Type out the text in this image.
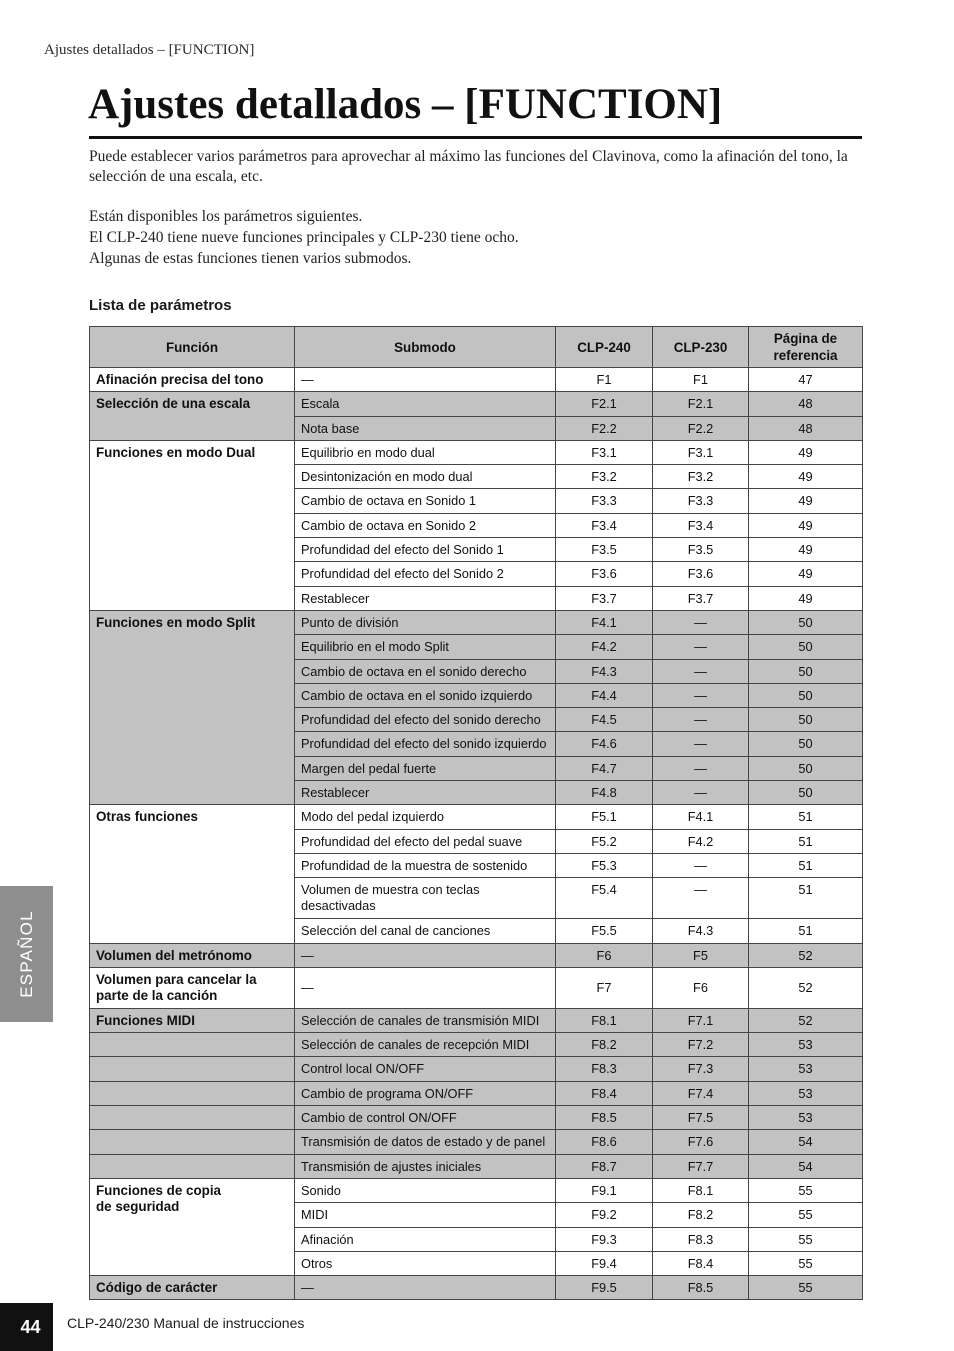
Ajustes detallados – [FUNCTION]
Ajustes detallados – [FUNCTION]

Puede establecer varios parámetros para aprovechar al máximo las funciones del Clavinova, como la afinación del tono, la selección de una escala, etc.

Están disponibles los parámetros siguientes.
El CLP-240 tiene nueve funciones principales y CLP-230 tiene ocho.
Algunas de estas funciones tienen varios submodos.
Lista de parámetros
Función	Submodo	CLP-240	CLP-230	Página de referencia
Afinación precisa del tono	—	F1	F1	47
Selección de una escala	Escala	F2.1	F2.1	48
	Nota base	F2.2	F2.2	48
Funciones en modo Dual	Equilibrio en modo dual	F3.1	F3.1	49
	Desintonización en modo dual	F3.2	F3.2	49
	Cambio de octava en Sonido 1	F3.3	F3.3	49
	Cambio de octava en Sonido 2	F3.4	F3.4	49
	Profundidad del efecto del Sonido 1	F3.5	F3.5	49
	Profundidad del efecto del Sonido 2	F3.6	F3.6	49
	Restablecer	F3.7	F3.7	49
Funciones en modo Split	Punto de división	F4.1	—	50
	Equilibrio en el modo Split	F4.2	—	50
	Cambio de octava en el sonido derecho	F4.3	—	50
	Cambio de octava en el sonido izquierdo	F4.4	—	50
	Profundidad del efecto del sonido derecho	F4.5	—	50
	Profundidad del efecto del sonido izquierdo	F4.6	—	50
	Margen del pedal fuerte	F4.7	—	50
	Restablecer	F4.8	—	50
Otras funciones	Modo del pedal izquierdo	F5.1	F4.1	51
	Profundidad del efecto del pedal suave	F5.2	F4.2	51
	Profundidad de la muestra de sostenido	F5.3	—	51
	Volumen de muestra con teclas
desactivadas	F5.4	—	51
	Selección del canal de canciones	F5.5	F4.3	51
Volumen del metrónomo	—	F6	F5	52
Volumen para cancelar la
parte de la canción	—	F7	F6	52
Funciones MIDI	Selección de canales de transmisión MIDI	F8.1	F7.1	52
	Selección de canales de recepción MIDI	F8.2	F7.2	53
	Control local ON/OFF	F8.3	F7.3	53
	Cambio de programa ON/OFF	F8.4	F7.4	53
	Cambio de control ON/OFF	F8.5	F7.5	53
	Transmisión de datos de estado y de panel	F8.6	F7.6	54
	Transmisión de ajustes iniciales	F8.7	F7.7	54
Funciones de copia
de seguridad	Sonido	F9.1	F8.1	55
	MIDI	F9.2	F8.2	55
	Afinación	F9.3	F8.3	55
	Otros	F9.4	F8.4	55
Código de carácter	—	F9.5	F8.5	55
ESPAÑOL
44	CLP-240/230 Manual de instrucciones
